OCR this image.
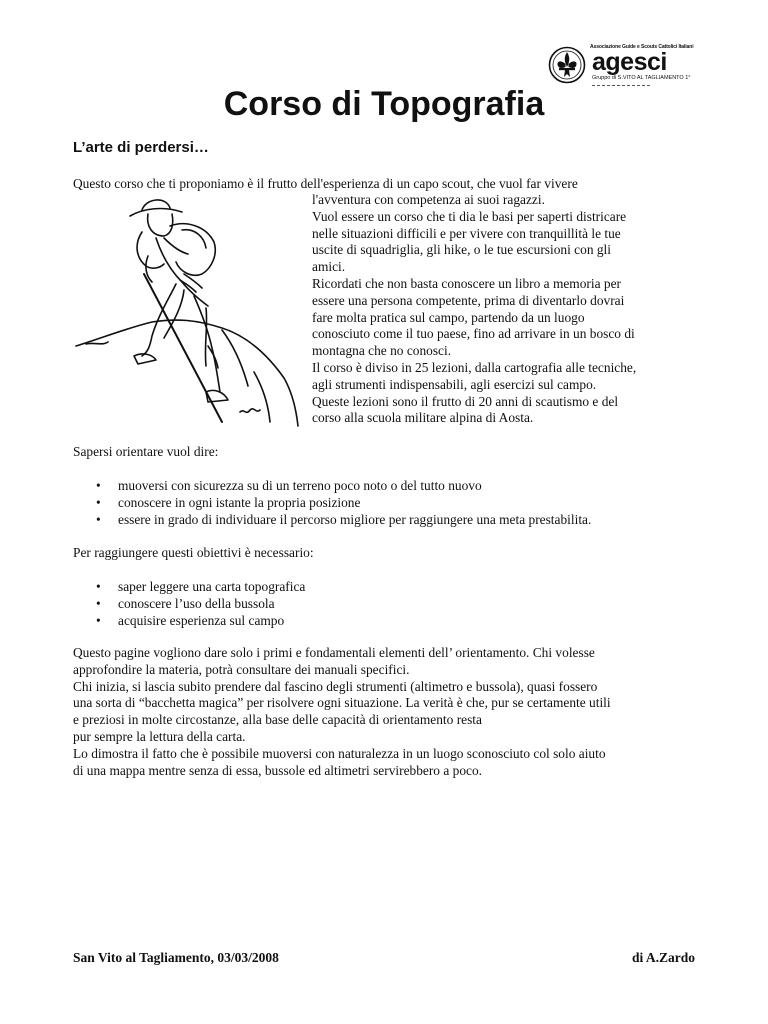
Associazione Guide e Scouts Cattolici Italiani
agesci
Gruppo di S.VITO AL TAGLIAMENTO 1°
Corso di Topografia
L’arte di perdersi…

Questo corso che ti proponiamo è il frutto dell'esperienza di un capo scout, che vuol far vivere

l'avventura con competenza ai suoi ragazzi.

Vuol essere un corso che ti dia le basi per saperti districare

nelle situazioni difficili e per vivere con tranquillità le tue

uscite di squadriglia, gli hike, o le tue escursioni con gli

amici.

Ricordati che non basta conoscere un libro a memoria per

essere una persona competente, prima di diventarlo dovrai

fare molta pratica sul campo, partendo da un luogo

conosciuto come il tuo paese, fino ad arrivare in un bosco di

montagna che no conosci.

Il corso è diviso in 25 lezioni, dalla cartografia alle tecniche,

agli strumenti indispensabili, agli esercizi sul campo.

Queste lezioni sono il frutto di 20 anni di scautismo e del

corso alla scuola militare alpina di Aosta.

Sapersi orientare vuol dire:

• muoversi con sicurezza su di un terreno poco noto o del tutto nuovo
• conoscere in ogni istante la propria posizione
• essere in grado di individuare il percorso migliore per raggiungere una meta prestabilita.

Per raggiungere questi obiettivi è necessario:

• saper leggere una carta topografica
• conoscere l’uso della bussola
• acquisire esperienza sul campo

Questo pagine vogliono dare solo i primi e fondamentali elementi dell’ orientamento. Chi volesse

approfondire la materia, potrà consultare dei manuali specifici.

Chi inizia, si lascia subito prendere dal fascino degli strumenti (altimetro e bussola), quasi fossero

una sorta di “bacchetta magica” per risolvere ogni situazione. La verità è che, pur se certamente utili

e preziosi in molte circostanze, alla base delle capacità di orientamento resta

pur sempre la lettura della carta.

Lo dimostra il fatto che è possibile muoversi con naturalezza in un luogo sconosciuto col solo aiuto

di una mappa mentre senza di essa, bussole ed altimetri servirebbero a poco.

San Vito al Tagliamento, 03/03/2008	di A.Zardo
